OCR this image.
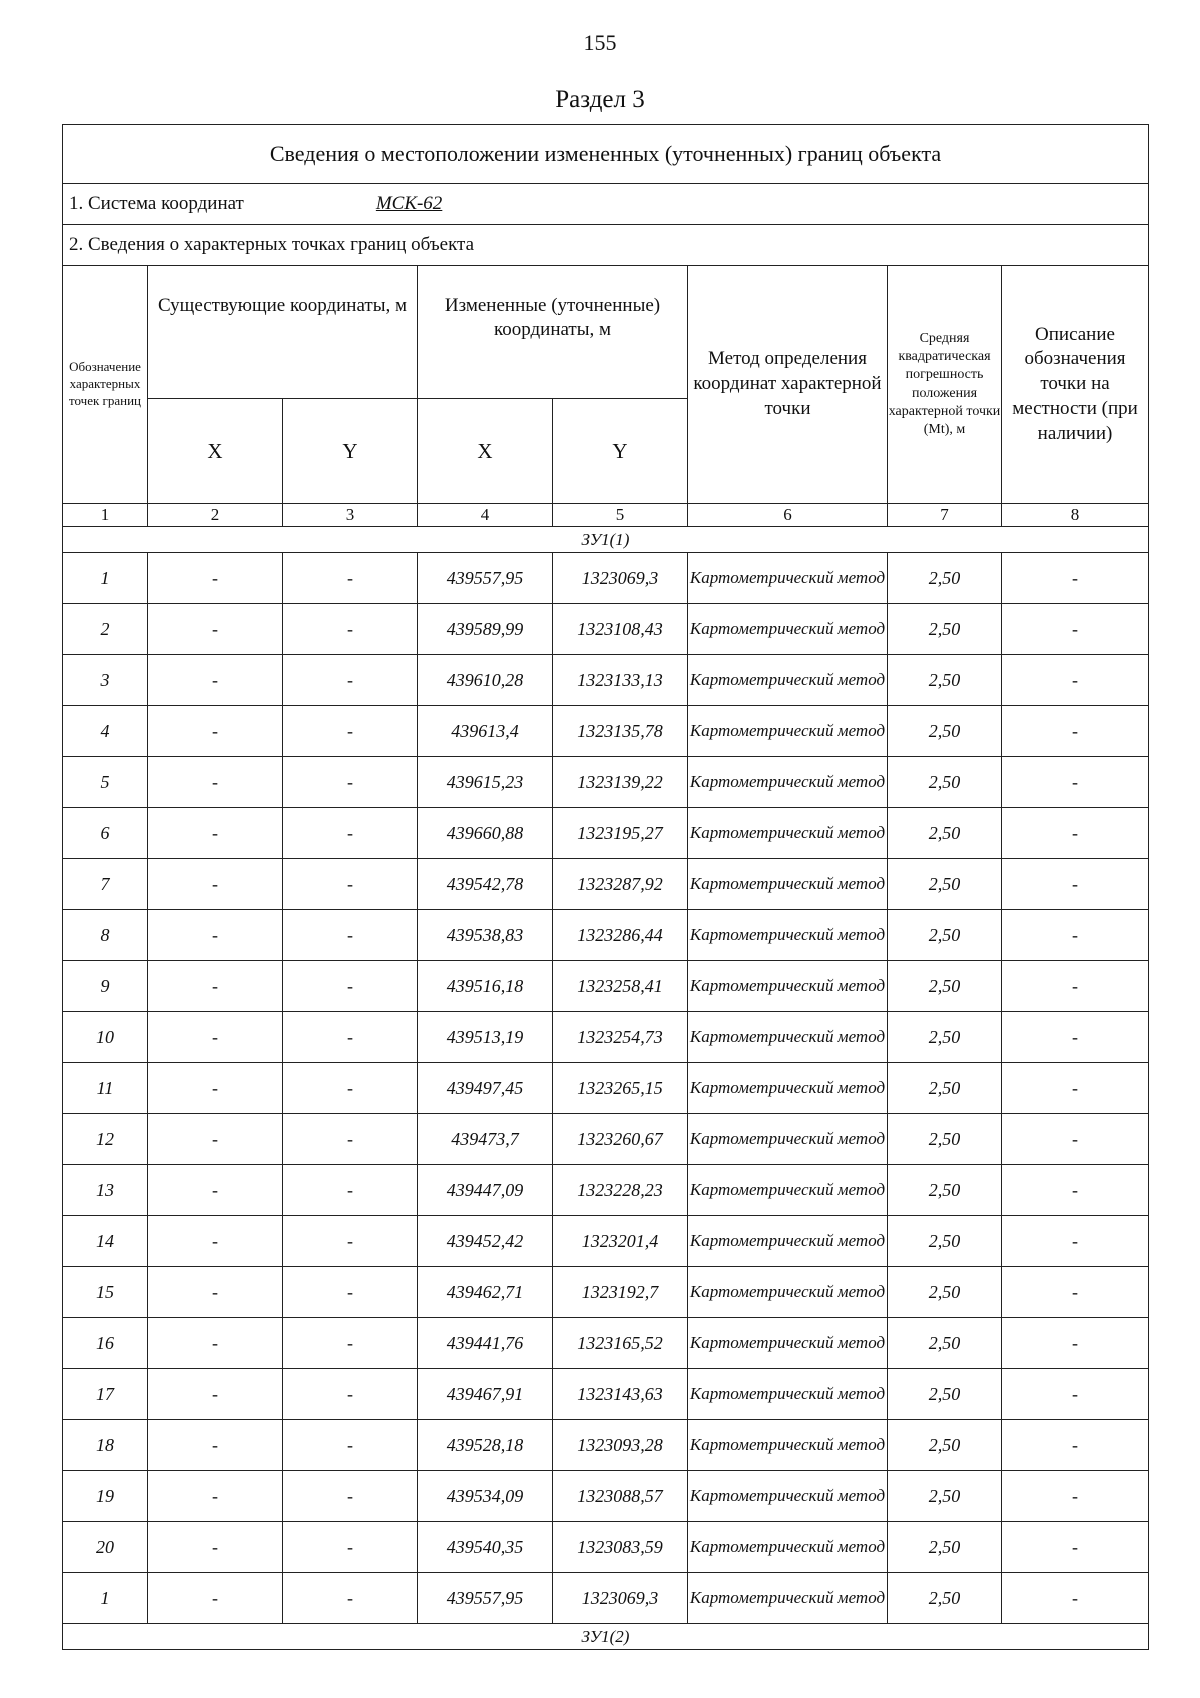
155
Раздел 3
Сведения о местоположении измененных (уточненных) границ объекта							
1. Система координат МСК-62							
2. Сведения о характерных точках границ объекта							
Обозначение характерных точек границ	Существующие координаты, м		Измененные (уточненные) координаты, м		Метод определения координат характерной точки	Средняя квадратическая погрешность положения характерной точки (Mt), м	Описание обозначения точки на местности (при наличии)
	X	Y	X	Y			
1	2	3	4	5	6	7	8
ЗУ1(1)							
1	-	-	439557,95	1323069,3	Картометрический метод	2,50	-
2	-	-	439589,99	1323108,43	Картометрический метод	2,50	-
3	-	-	439610,28	1323133,13	Картометрический метод	2,50	-
4	-	-	439613,4	1323135,78	Картометрический метод	2,50	-
5	-	-	439615,23	1323139,22	Картометрический метод	2,50	-
6	-	-	439660,88	1323195,27	Картометрический метод	2,50	-
7	-	-	439542,78	1323287,92	Картометрический метод	2,50	-
8	-	-	439538,83	1323286,44	Картометрический метод	2,50	-
9	-	-	439516,18	1323258,41	Картометрический метод	2,50	-
10	-	-	439513,19	1323254,73	Картометрический метод	2,50	-
11	-	-	439497,45	1323265,15	Картометрический метод	2,50	-
12	-	-	439473,7	1323260,67	Картометрический метод	2,50	-
13	-	-	439447,09	1323228,23	Картометрический метод	2,50	-
14	-	-	439452,42	1323201,4	Картометрический метод	2,50	-
15	-	-	439462,71	1323192,7	Картометрический метод	2,50	-
16	-	-	439441,76	1323165,52	Картометрический метод	2,50	-
17	-	-	439467,91	1323143,63	Картометрический метод	2,50	-
18	-	-	439528,18	1323093,28	Картометрический метод	2,50	-
19	-	-	439534,09	1323088,57	Картометрический метод	2,50	-
20	-	-	439540,35	1323083,59	Картометрический метод	2,50	-
1	-	-	439557,95	1323069,3	Картометрический метод	2,50	-
ЗУ1(2)							
